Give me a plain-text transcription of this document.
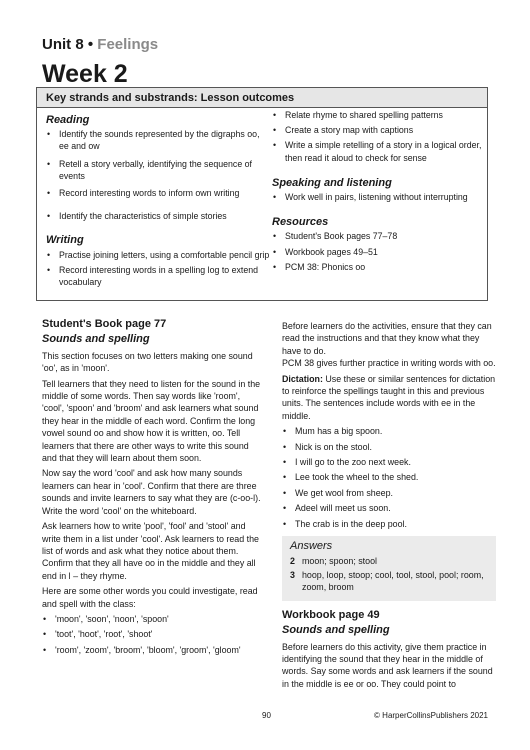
Unit 8 • Feelings
Week 2
Key strands and substrands: Lesson outcomes
Reading
• Identify the sounds represented by the digraphs oo, ee and ow
• Retell a story verbally, identifying the sequence of events
• Record interesting words to inform own writing
• Identify the characteristics of simple stories
Writing
• Practise joining letters, using a comfortable pencil grip
• Record interesting words in a spelling log to extend vocabulary
• Relate rhyme to shared spelling patterns
• Create a story map with captions
• Write a simple retelling of a story in a logical order, then read it aloud to check for sense
Speaking and listening
• Work well in pairs, listening without interrupting
Resources
• Student's Book pages 77–78
• Workbook pages 49–51
• PCM 38: Phonics oo
Student's Book page 77
Sounds and spelling

This section focuses on two letters making one sound 'oo', as in 'moon'.

Tell learners that they need to listen for the sound in the middle of some words. Then say words like 'room', 'cool', 'spoon' and 'broom' and ask learners what sound they hear in the middle of each word. Confirm the long vowel sound oo and show how it is written, oo. Tell learners that there are other ways to write this sound and that they will learn about them soon.

Now say the word 'cool' and ask how many sounds learners can hear in 'cool'. Confirm that there are three sounds and invite learners to say what they are (c-oo-l). Write the word 'cool' on the whiteboard.

Ask learners how to write 'pool', 'fool' and 'stool' and write them in a list under 'cool'. Ask learners to read the list of words and ask what they notice about them. Confirm that they all have oo in the middle and they all end in l – they rhyme.

Here are some other words you could investigate, read and spell with the class:

• 'moon', 'soon', 'noon', 'spoon'
• 'toot', 'hoot', 'root', 'shoot'
• 'room', 'zoom', 'broom', 'bloom', 'groom', 'gloom'

Before learners do the activities, ensure that they can read the instructions and that they know what they have to do.

PCM 38 gives further practice in writing words with oo.

Dictation: Use these or similar sentences for dictation to reinforce the spellings taught in this and previous units. The sentences include words with ee in the middle.

• Mum has a big spoon.
• Nick is on the stool.
• I will go to the zoo next week.
• Lee took the wheel to the shed.
• We get wool from sheep.
• Adeel will meet us soon.
• The crab is in the deep pool.
Answers
2 moon; spoon; stool
3 hoop, loop, stoop; cool, tool, stool, pool; room, zoom, broom
Workbook page 49
Sounds and spelling

Before learners do this activity, give them practice in identifying the sound that they hear in the middle of words. Say some words and ask learners if the sound in the middle is ee or oo. They could point to

90	© HarperCollinsPublishers 2021
